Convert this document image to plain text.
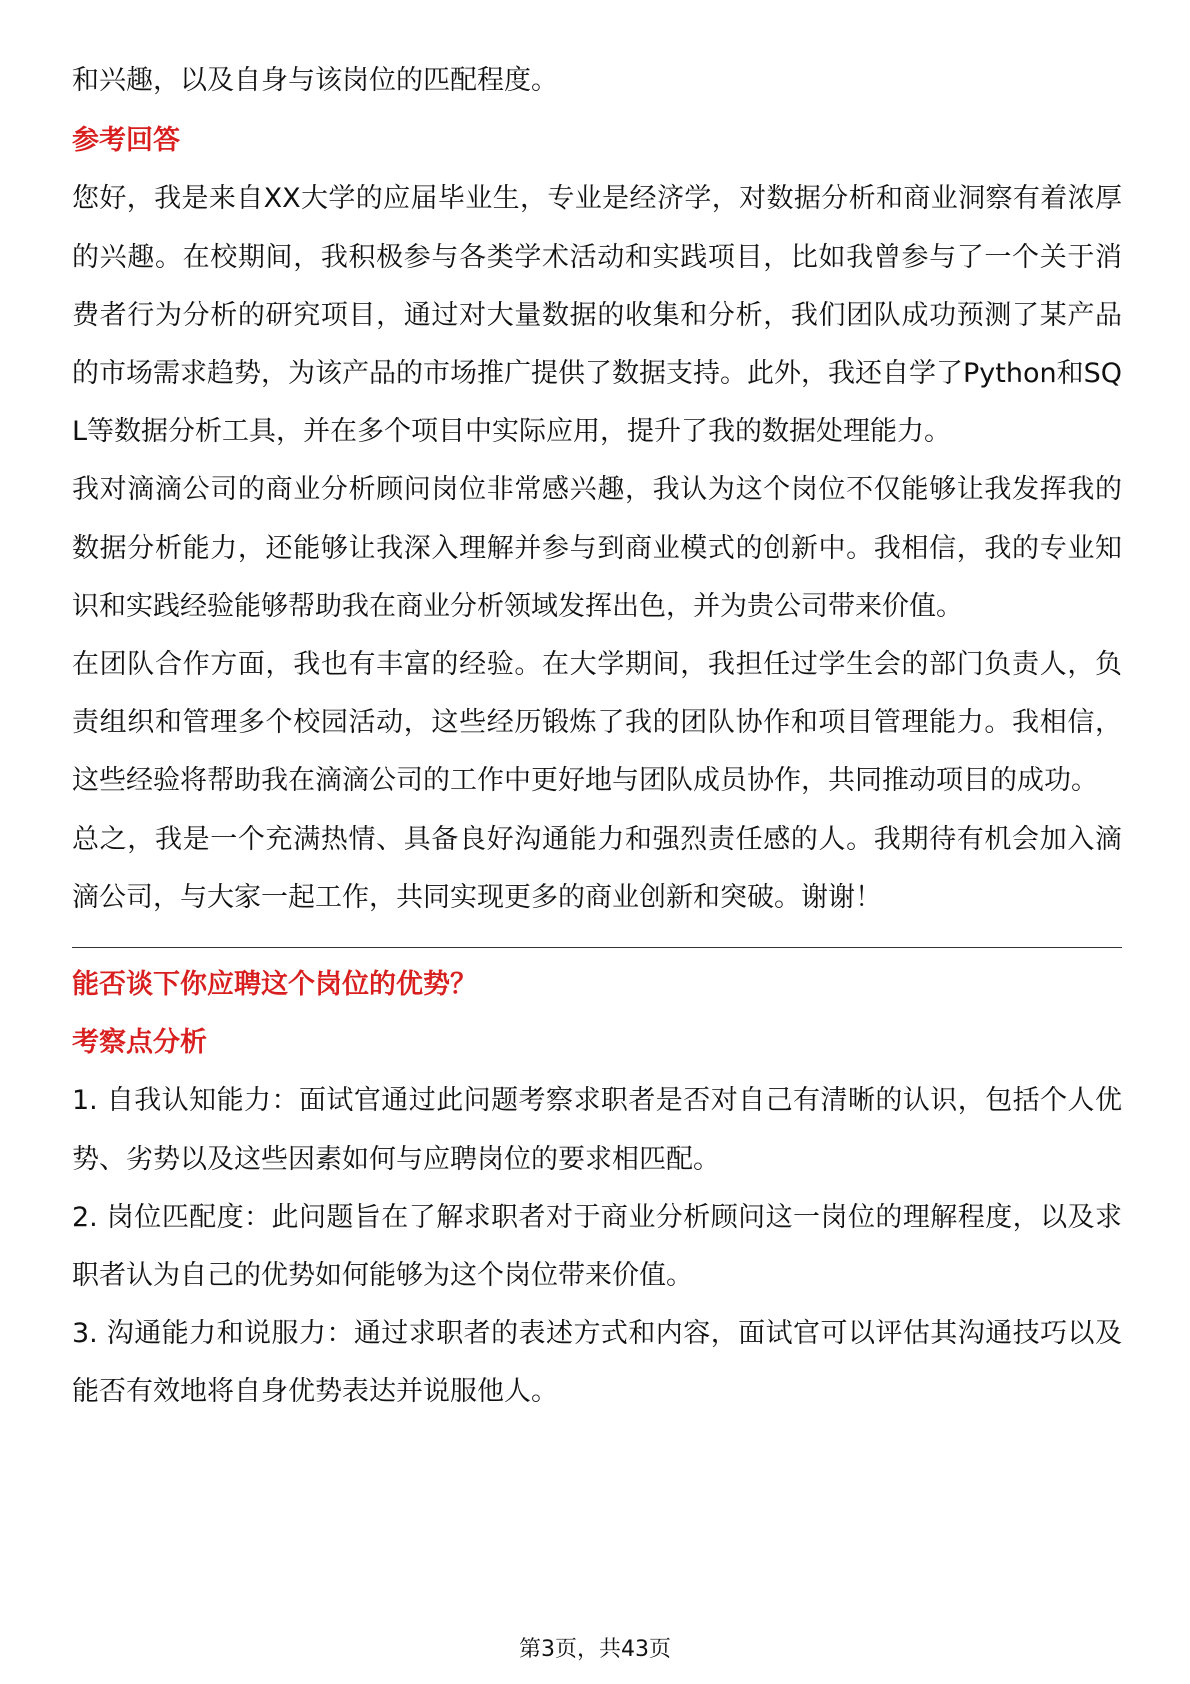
和兴趣，以及自身与该岗位的匹配程度。

参考回答

您好，我是来自XX大学的应届毕业生，专业是经济学，对数据分析和商业洞察有着浓厚的兴趣。在校期间，我积极参与各类学术活动和实践项目，比如我曾参与了一个关于消费者行为分析的研究项目，通过对大量数据的收集和分析，我们团队成功预测了某产品的市场需求趋势，为该产品的市场推广提供了数据支持。此外，我还自学了Python和SQL等数据分析工具，并在多个项目中实际应用，提升了我的数据处理能力。

我对滴滴公司的商业分析顾问岗位非常感兴趣，我认为这个岗位不仅能够让我发挥我的数据分析能力，还能够让我深入理解并参与到商业模式的创新中。我相信，我的专业知识和实践经验能够帮助我在商业分析领域发挥出色，并为贵公司带来价值。

在团队合作方面，我也有丰富的经验。在大学期间，我担任过学生会的部门负责人，负责组织和管理多个校园活动，这些经历锻炼了我的团队协作和项目管理能力。我相信，这些经验将帮助我在滴滴公司的工作中更好地与团队成员协作，共同推动项目的成功。

总之，我是一个充满热情、具备良好沟通能力和强烈责任感的人。我期待有机会加入滴滴公司，与大家一起工作，共同实现更多的商业创新和突破。谢谢！

能否谈下你应聘这个岗位的优势？

考察点分析

1. 自我认知能力：面试官通过此问题考察求职者是否对自己有清晰的认识，包括个人优势、劣势以及这些因素如何与应聘岗位的要求相匹配。

2. 岗位匹配度：此问题旨在了解求职者对于商业分析顾问这一岗位的理解程度，以及求职者认为自己的优势如何能够为这个岗位带来价值。

3. 沟通能力和说服力：通过求职者的表述方式和内容，面试官可以评估其沟通技巧以及能否有效地将自身优势表达并说服他人。

第3页，共43页
